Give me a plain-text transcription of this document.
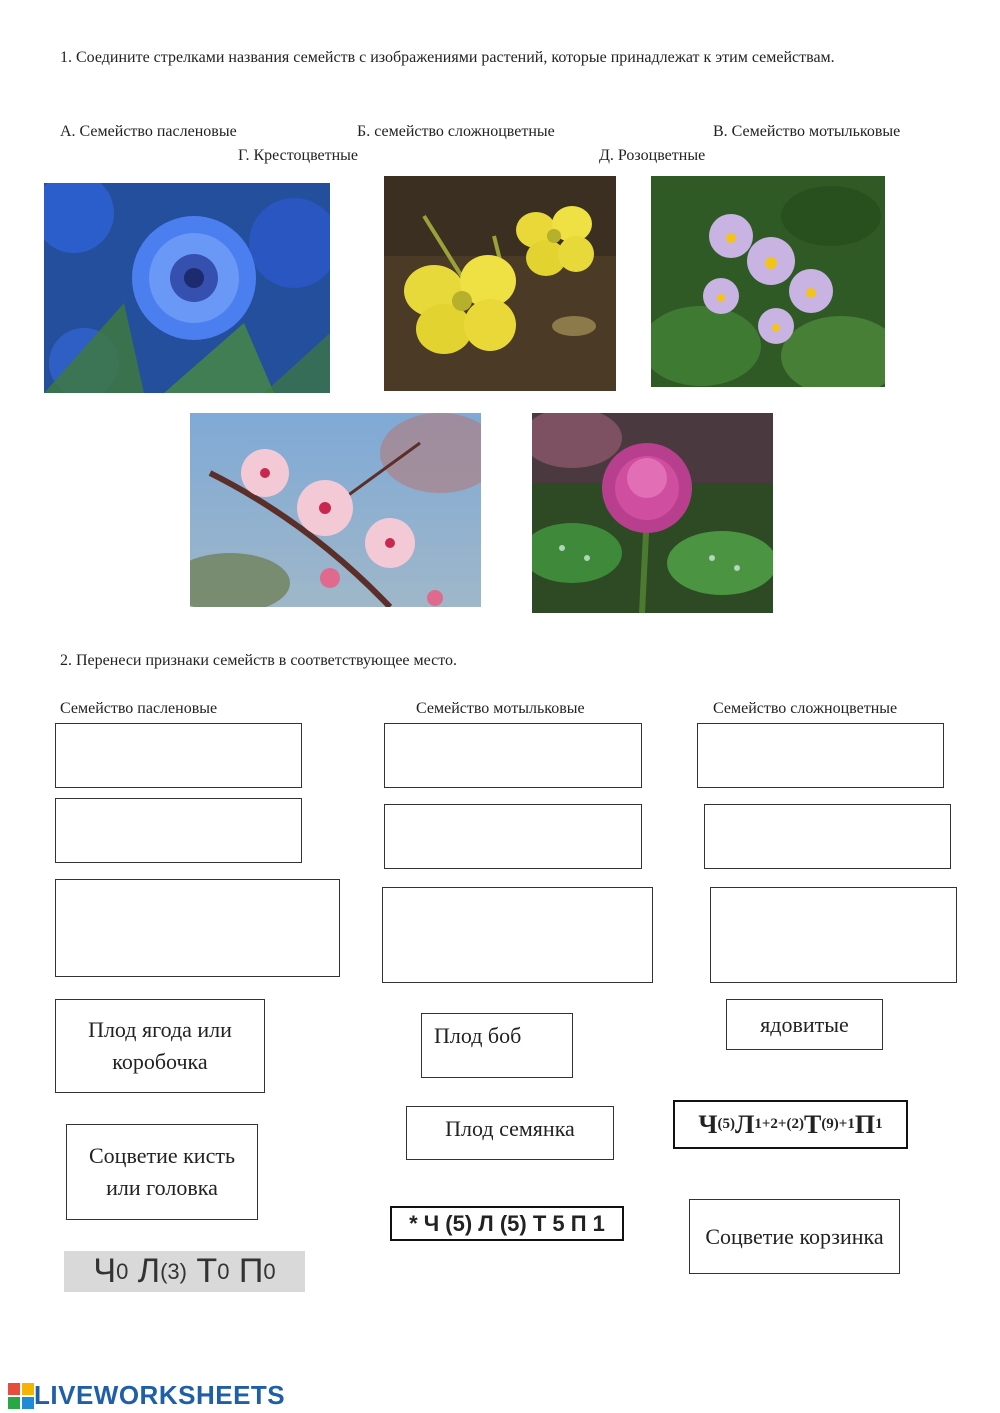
1. Соедините стрелками названия семейств с изображениями растений, которые принадлежат к этим семействам.
А. Семейство пасленовые	Б. семейство сложноцветные	В. Семейство мотыльковые
Г. Крестоцветные	Д. Розоцветные
2. Перенеси признаки семейств в соответствующее место.
Семейство пасленовые	Семейство мотыльковые	Семейство сложноцветные
Плод ягода или коробочка
Плод боб	ядовитые
Соцветие кисть или головка
Плод семянка	Ч (5) Л 1+2+(2) Т (9)+1 П 1
* Ч (5) Л (5) Т 5 П 1
Соцветие корзинка
Ч 0
Л (3)
Т 0
П 0
LIVEWORKSHEETS
